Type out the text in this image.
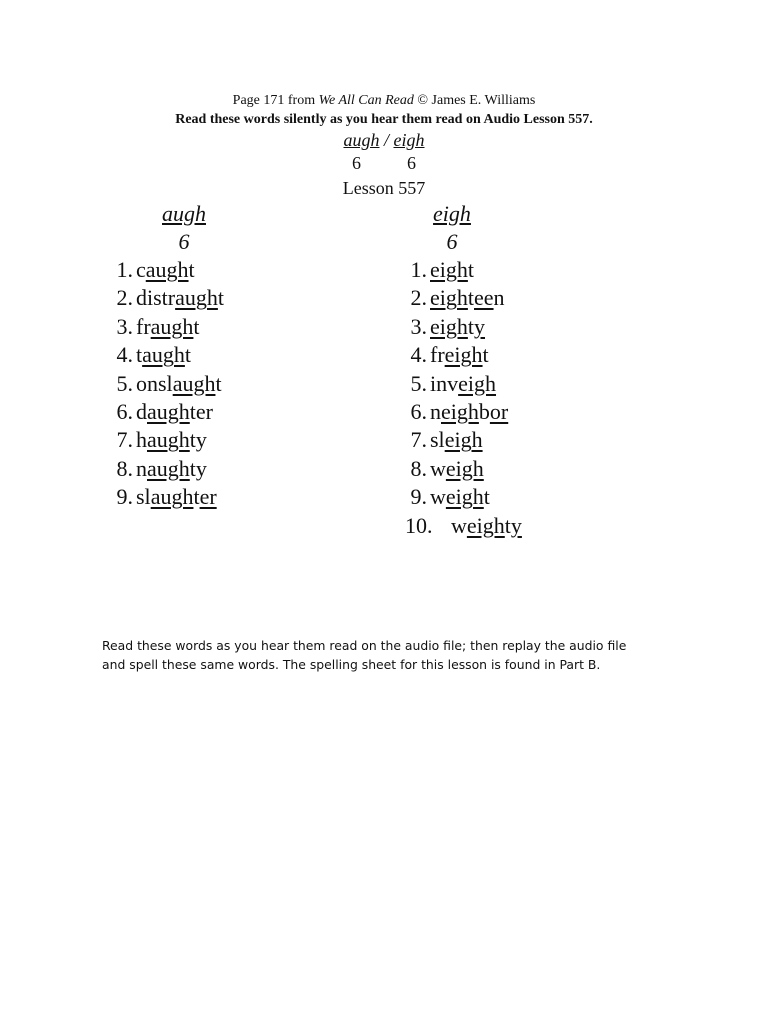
Page 171 from We All Can Read © James E. Williams
Read these words silently as you hear them read on Audio Lesson 557.
augh / eigh
6	6
Lesson 557
augh
6
eigh
6
1. caught
2. distraught
3. fraught
4. taught
5. onslaught
6. daughter
7. haughty
8. naughty
9. slaughter
1. eight
2. eighteen
3. eighty
4. freight
5. inveigh
6. neighbor
7. sleigh
8. weigh
9. weight
10. weighty
Read these words as you hear them read on the audio file; then replay the audio file
and spell these same words. The spelling sheet for this lesson is found in Part B.
